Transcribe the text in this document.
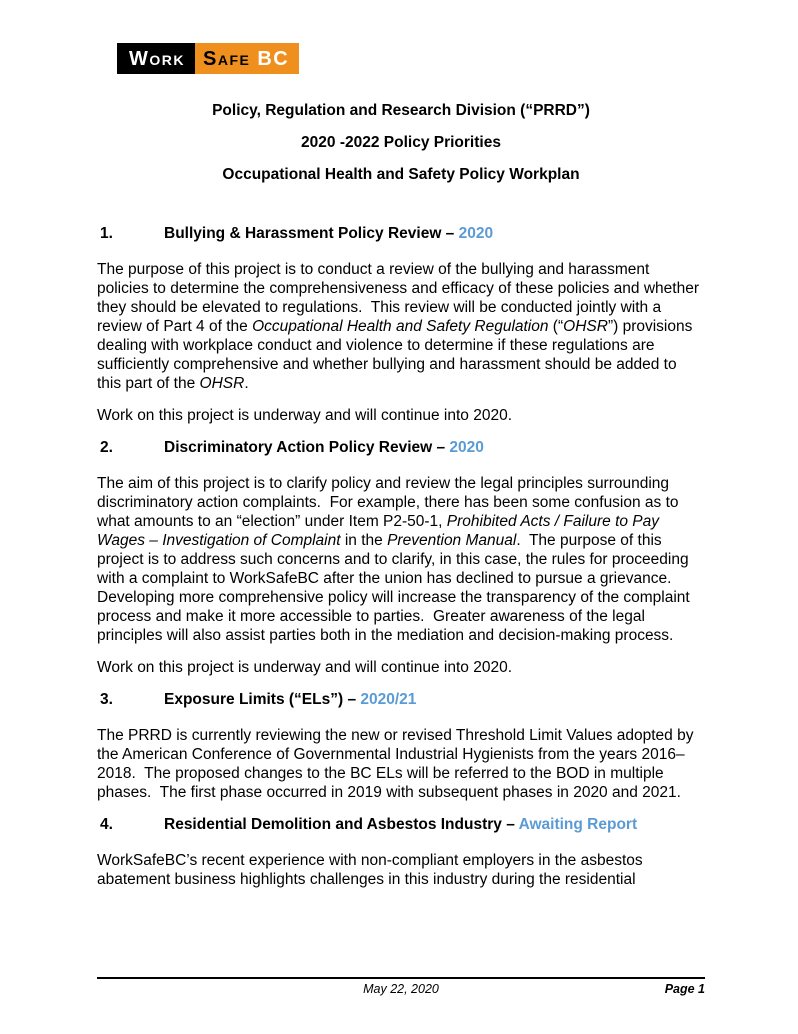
Work Safe BC

Policy, Regulation and Research Division (“PRRD”)

2020 -2022 Policy Priorities

Occupational Health and Safety Policy Workplan

1.	Bullying & Harassment Policy Review – 2020

The purpose of this project is to conduct a review of the bullying and harassment policies to determine the comprehensiveness and efficacy of these policies and whether they should be elevated to regulations.  This review will be conducted jointly with a review of Part 4 of the Occupational Health and Safety Regulation (“OHSR”) provisions dealing with workplace conduct and violence to determine if these regulations are sufficiently comprehensive and whether bullying and harassment should be added to this part of the OHSR.

Work on this project is underway and will continue into 2020.

2.	Discriminatory Action Policy Review – 2020

The aim of this project is to clarify policy and review the legal principles surrounding discriminatory action complaints.  For example, there has been some confusion as to what amounts to an “election” under Item P2-50-1, Prohibited Acts / Failure to Pay Wages – Investigation of Complaint in the Prevention Manual.  The purpose of this project is to address such concerns and to clarify, in this case, the rules for proceeding with a complaint to WorkSafeBC after the union has declined to pursue a grievance.  Developing more comprehensive policy will increase the transparency of the complaint process and make it more accessible to parties.  Greater awareness of the legal principles will also assist parties both in the mediation and decision-making process.

Work on this project is underway and will continue into 2020.

3.	Exposure Limits (“ELs”) – 2020/21

The PRRD is currently reviewing the new or revised Threshold Limit Values adopted by the American Conference of Governmental Industrial Hygienists from the years 2016–2018.  The proposed changes to the BC ELs will be referred to the BOD in multiple phases.  The first phase occurred in 2019 with subsequent phases in 2020 and 2021.

4.	Residential Demolition and Asbestos Industry – Awaiting Report

WorkSafeBC’s recent experience with non-compliant employers in the asbestos abatement business highlights challenges in this industry during the residential

May 22, 2020	Page 1
